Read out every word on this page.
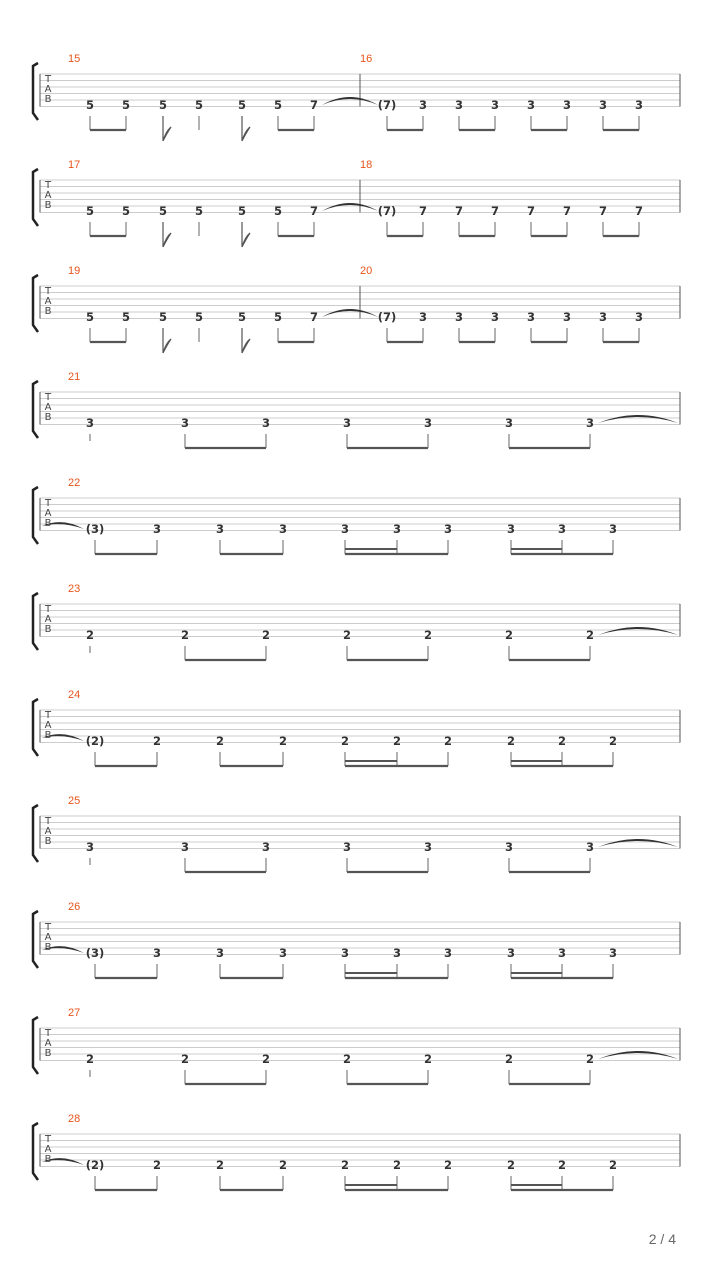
T
A
B
15	16
5 5	5 5	5 5 7	(7) 3 3 3 3 3 3 3
T
A
B
17	18
5 5	5 5	5 5 7	(7) 7 7 7 7 7 7 7
T
A
B
19	20
5 5	5 5	5 5 7	(7) 3 3 3 3 3 3 3
T
A
B
21
3	3	3	3	3	3	3
T
A
B
22
(3)	3	3	3	3	3	3	3	3	3
T
A
B
23
2	2	2	2	2	2	2
T
A
B
24
(2)	2	2	2	2	2	2	2	2	2
T
A
B
25
3	3	3	3	3	3	3
T
A
B
26
(3)	3	3	3	3	3	3	3	3	3
T
A
B
27
2	2	2	2	2	2	2
T
A
B
28
(2)	2	2	2	2	2	2	2	2	2
2 / 4
